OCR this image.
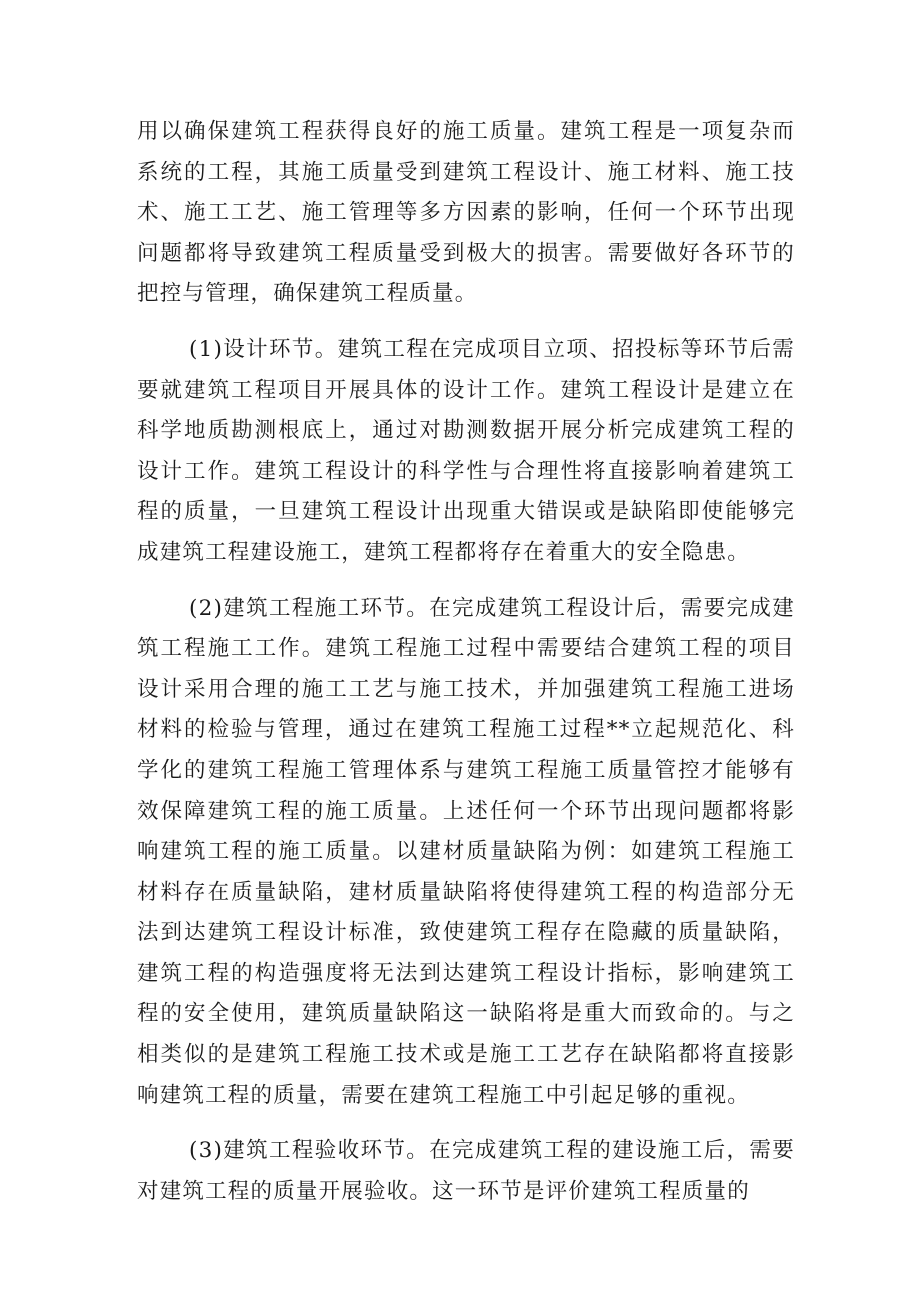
用以确保建筑工程获得良好的施工质量。建筑工程是一项复杂而系统的工程，其施工质量受到建筑工程设计、施工材料、施工技术、施工工艺、施工管理等多方因素的影响，任何一个环节出现问题都将导致建筑工程质量受到极大的损害。需要做好各环节的把控与管理，确保建筑工程质量。

(1)设计环节。建筑工程在完成项目立项、招投标等环节后需要就建筑工程项目开展具体的设计工作。建筑工程设计是建立在科学地质勘测根底上，通过对勘测数据开展分析完成建筑工程的设计工作。建筑工程设计的科学性与合理性将直接影响着建筑工程的质量，一旦建筑工程设计出现重大错误或是缺陷即使能够完成建筑工程建设施工，建筑工程都将存在着重大的安全隐患。

(2)建筑工程施工环节。在完成建筑工程设计后，需要完成建筑工程施工工作。建筑工程施工过程中需要结合建筑工程的项目设计采用合理的施工工艺与施工技术，并加强建筑工程施工进场材料的检验与管理，通过在建筑工程施工过程**立起规范化、科学化的建筑工程施工管理体系与建筑工程施工质量管控才能够有效保障建筑工程的施工质量。上述任何一个环节出现问题都将影响建筑工程的施工质量。以建材质量缺陷为例：如建筑工程施工材料存在质量缺陷，建材质量缺陷将使得建筑工程的构造部分无法到达建筑工程设计标准，致使建筑工程存在隐藏的质量缺陷，建筑工程的构造强度将无法到达建筑工程设计指标，影响建筑工程的安全使用，建筑质量缺陷这一缺陷将是重大而致命的。与之相类似的是建筑工程施工技术或是施工工艺存在缺陷都将直接影响建筑工程的质量，需要在建筑工程施工中引起足够的重视。

(3)建筑工程验收环节。在完成建筑工程的建设施工后，需要对建筑工程的质量开展验收。这一环节是评价建筑工程质量的
